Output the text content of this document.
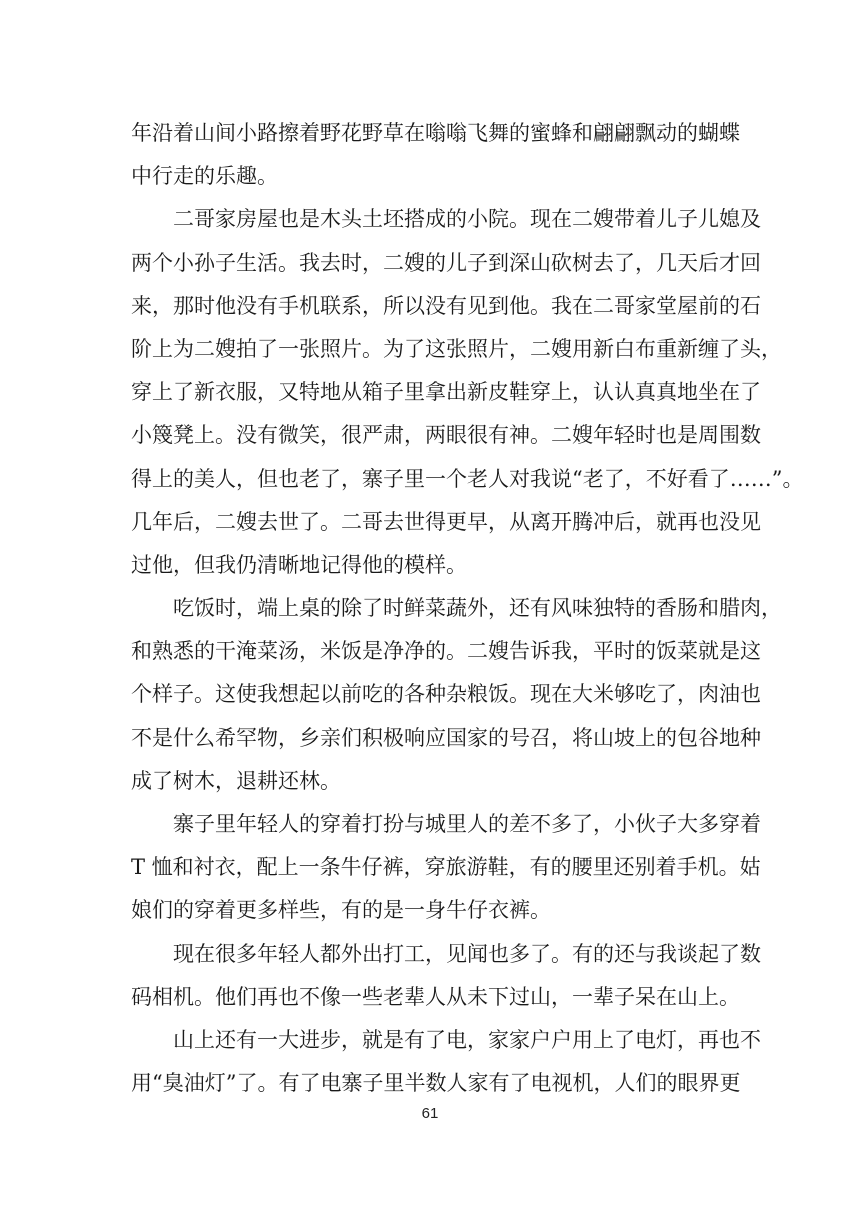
年沿着山间小路擦着野花野草在嗡嗡飞舞的蜜蜂和翩翩飘动的蝴蝶
中行走的乐趣。
二哥家房屋也是木头土坯搭成的小院。现在二嫂带着儿子儿媳及
两个小孙子生活。我去时，二嫂的儿子到深山砍树去了，几天后才回
来，那时他没有手机联系，所以没有见到他。我在二哥家堂屋前的石
阶上为二嫂拍了一张照片。为了这张照片，二嫂用新白布重新缠了头，
穿上了新衣服，又特地从箱子里拿出新皮鞋穿上，认认真真地坐在了
小篾凳上。没有微笑，很严肃，两眼很有神。二嫂年轻时也是周围数
得上的美人，但也老了，寨子里一个老人对我说“老了，不好看了……”。
几年后，二嫂去世了。二哥去世得更早，从离开腾冲后，就再也没见
过他，但我仍清晰地记得他的模样。
吃饭时，端上桌的除了时鲜菜蔬外，还有风味独特的香肠和腊肉，
和熟悉的干淹菜汤，米饭是净净的。二嫂告诉我，平时的饭菜就是这
个样子。这使我想起以前吃的各种杂粮饭。现在大米够吃了，肉油也
不是什么希罕物，乡亲们积极响应国家的号召，将山坡上的包谷地种
成了树木，退耕还林。
寨子里年轻人的穿着打扮与城里人的差不多了，小伙子大多穿着
T 恤和衬衣，配上一条牛仔裤，穿旅游鞋，有的腰里还别着手机。姑
娘们的穿着更多样些，有的是一身牛仔衣裤。
现在很多年轻人都外出打工，见闻也多了。有的还与我谈起了数
码相机。他们再也不像一些老辈人从未下过山，一辈子呆在山上。
山上还有一大进步，就是有了电，家家户户用上了电灯，再也不
用“臭油灯”了。有了电寨子里半数人家有了电视机，人们的眼界更
61
